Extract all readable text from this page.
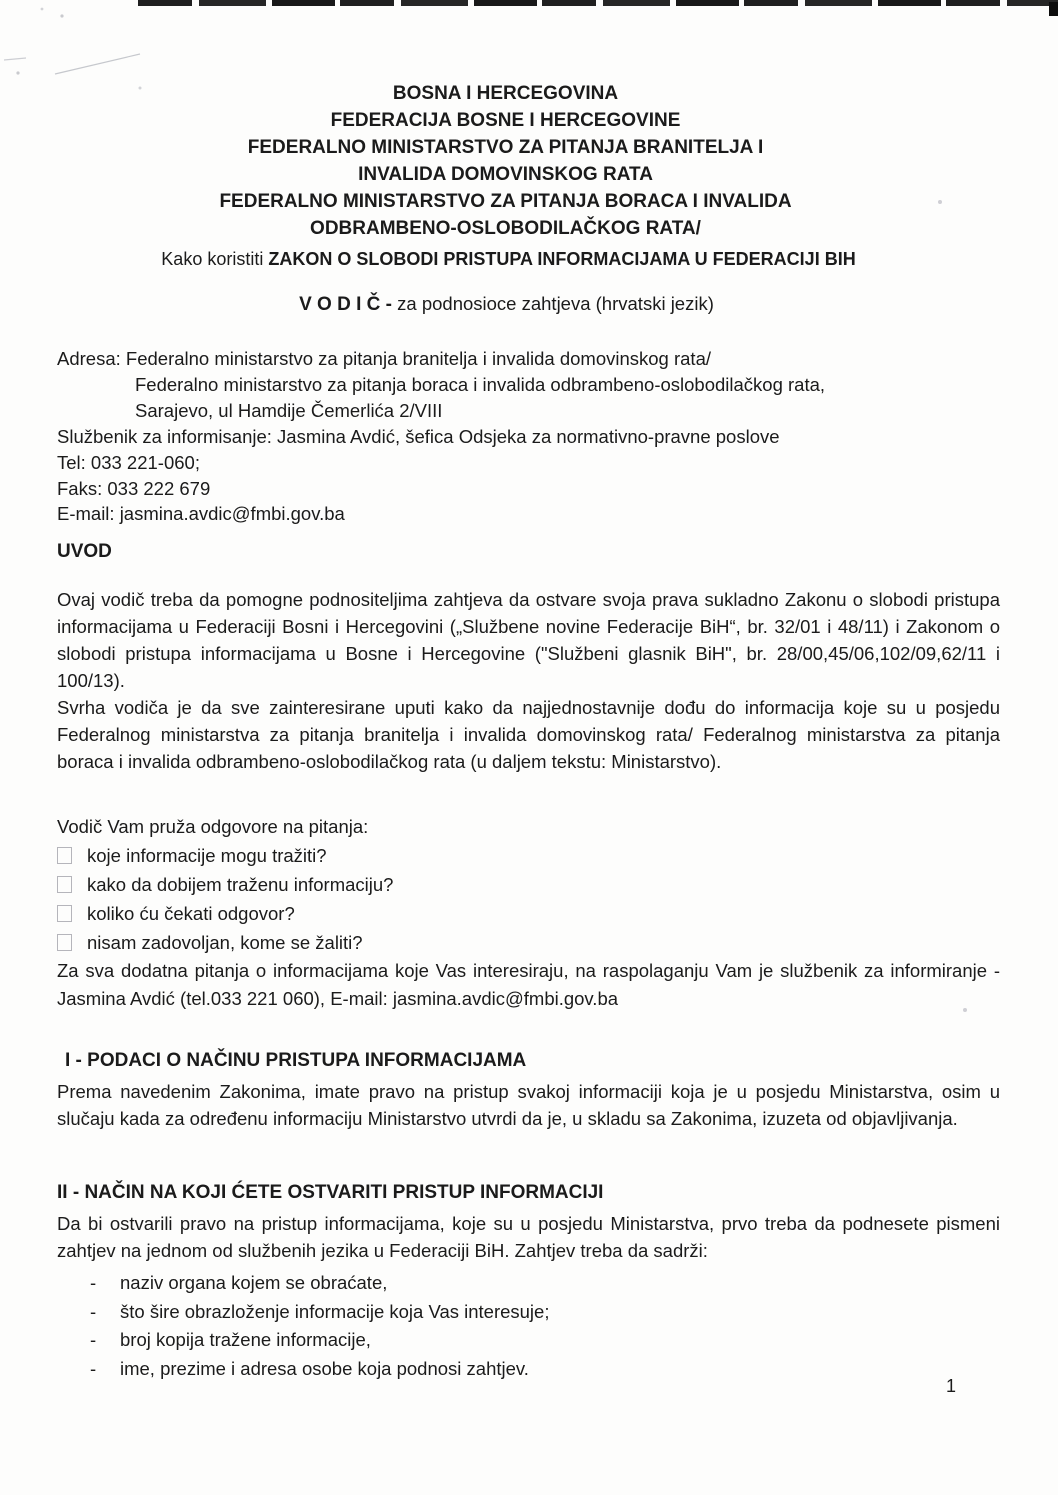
BOSNA I HERCEGOVINA
FEDERACIJA BOSNE I HERCEGOVINE
FEDERALNO MINISTARSTVO ZA PITANJA BRANITELJA I
INVALIDA DOMOVINSKOG RATA
FEDERALNO MINISTARSTVO ZA PITANJA BORACA I INVALIDA
ODBRAMBENO-OSLOBODILAČKOG RATA/
Kako koristiti ZAKON O SLOBODI PRISTUPA INFORMACIJAMA U FEDERACIJI BIH
V O D I Č - za podnosioce zahtjeva (hrvatski jezik)
Adresa: Federalno ministarstvo za pitanja branitelja i invalida domovinskog rata/
Federalno ministarstvo za pitanja boraca i invalida odbrambeno-oslobodilačkog rata,
Sarajevo, ul Hamdije Čemerlića 2/VIII
Službenik za informisanje: Jasmina Avdić, šefica Odsjeka za normativno-pravne poslove
Tel: 033 221-060;
Faks: 033 222 679
E-mail: jasmina.avdic@fmbi.gov.ba
UVOD

Ovaj vodič treba da pomogne podnositeljima zahtjeva da ostvare svoja prava sukladno Zakonu o slobodi pristupa informacijama u Federaciji Bosni i Hercegovini („Službene novine Federacije BiH“, br. 32/01 i 48/11) i Zakonom o slobodi pristupa informacijama u Bosne i Hercegovine ("Službeni glasnik BiH", br. 28/00,45/06,102/09,62/11 i 100/13).

Svrha vodiča je da sve zainteresirane uputi kako da najjednostavnije dođu do informacija koje su u posjedu Federalnog ministarstva za pitanja branitelja i invalida domovinskog rata/ Federalnog ministarstva za pitanja boraca i invalida odbrambeno-oslobodilačkog rata (u daljem tekstu: Ministarstvo).

Vodič Vam pruža odgovore na pitanja:
koje informacije mogu tražiti?
kako da dobijem traženu informaciju?
koliko ću čekati odgovor?
nisam zadovoljan, kome se žaliti?

Za sva dodatna pitanja o informacijama koje Vas interesiraju, na raspolaganju Vam je službenik za informiranje - Jasmina Avdić (tel.033 221 060), E-mail: jasmina.avdic@fmbi.gov.ba

I - PODACI O NAČINU PRISTUPA INFORMACIJAMA

Prema navedenim Zakonima, imate pravo na pristup svakoj informaciji koja je u posjedu Ministarstva, osim u slučaju kada za određenu informaciju Ministarstvo utvrdi da je, u skladu sa Zakonima, izuzeta od objavljivanja.

II - NAČIN NA KOJI ĆETE OSTVARITI PRISTUP INFORMACIJI

Da bi ostvarili pravo na pristup informacijama, koje su u posjedu Ministarstva, prvo treba da podnesete pismeni zahtjev na jednom od službenih jezika u Federaciji BiH. Zahtjev treba da sadrži:

-	naziv organa kojem se obraćate,
-	što šire obrazloženje informacije koja Vas interesuje;
-	broj kopija tražene informacije,
-	ime, prezime i adresa osobe koja podnosi zahtjev.
1
